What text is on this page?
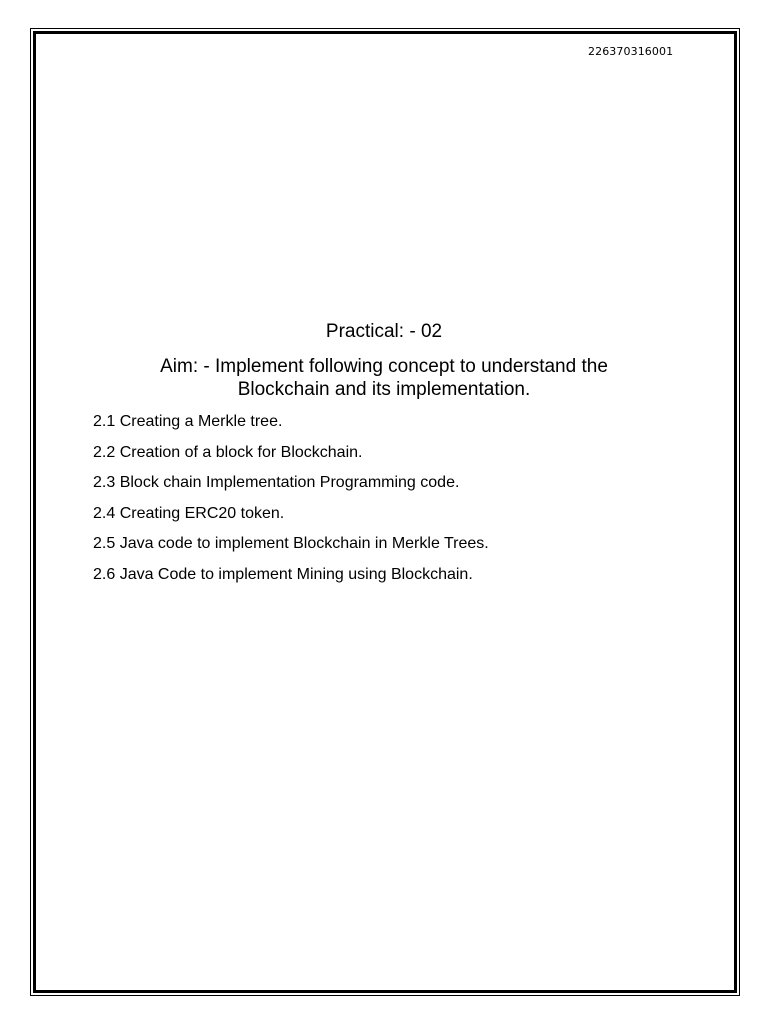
226370316001
Practical: - 02
Aim: - Implement following concept to understand the
Blockchain and its implementation.
2.1 Creating a Merkle tree.
2.2 Creation of a block for Blockchain.
2.3 Block chain Implementation Programming code.
2.4 Creating ERC20 token.
2.5 Java code to implement Blockchain in Merkle Trees.
2.6 Java Code to implement Mining using Blockchain.
